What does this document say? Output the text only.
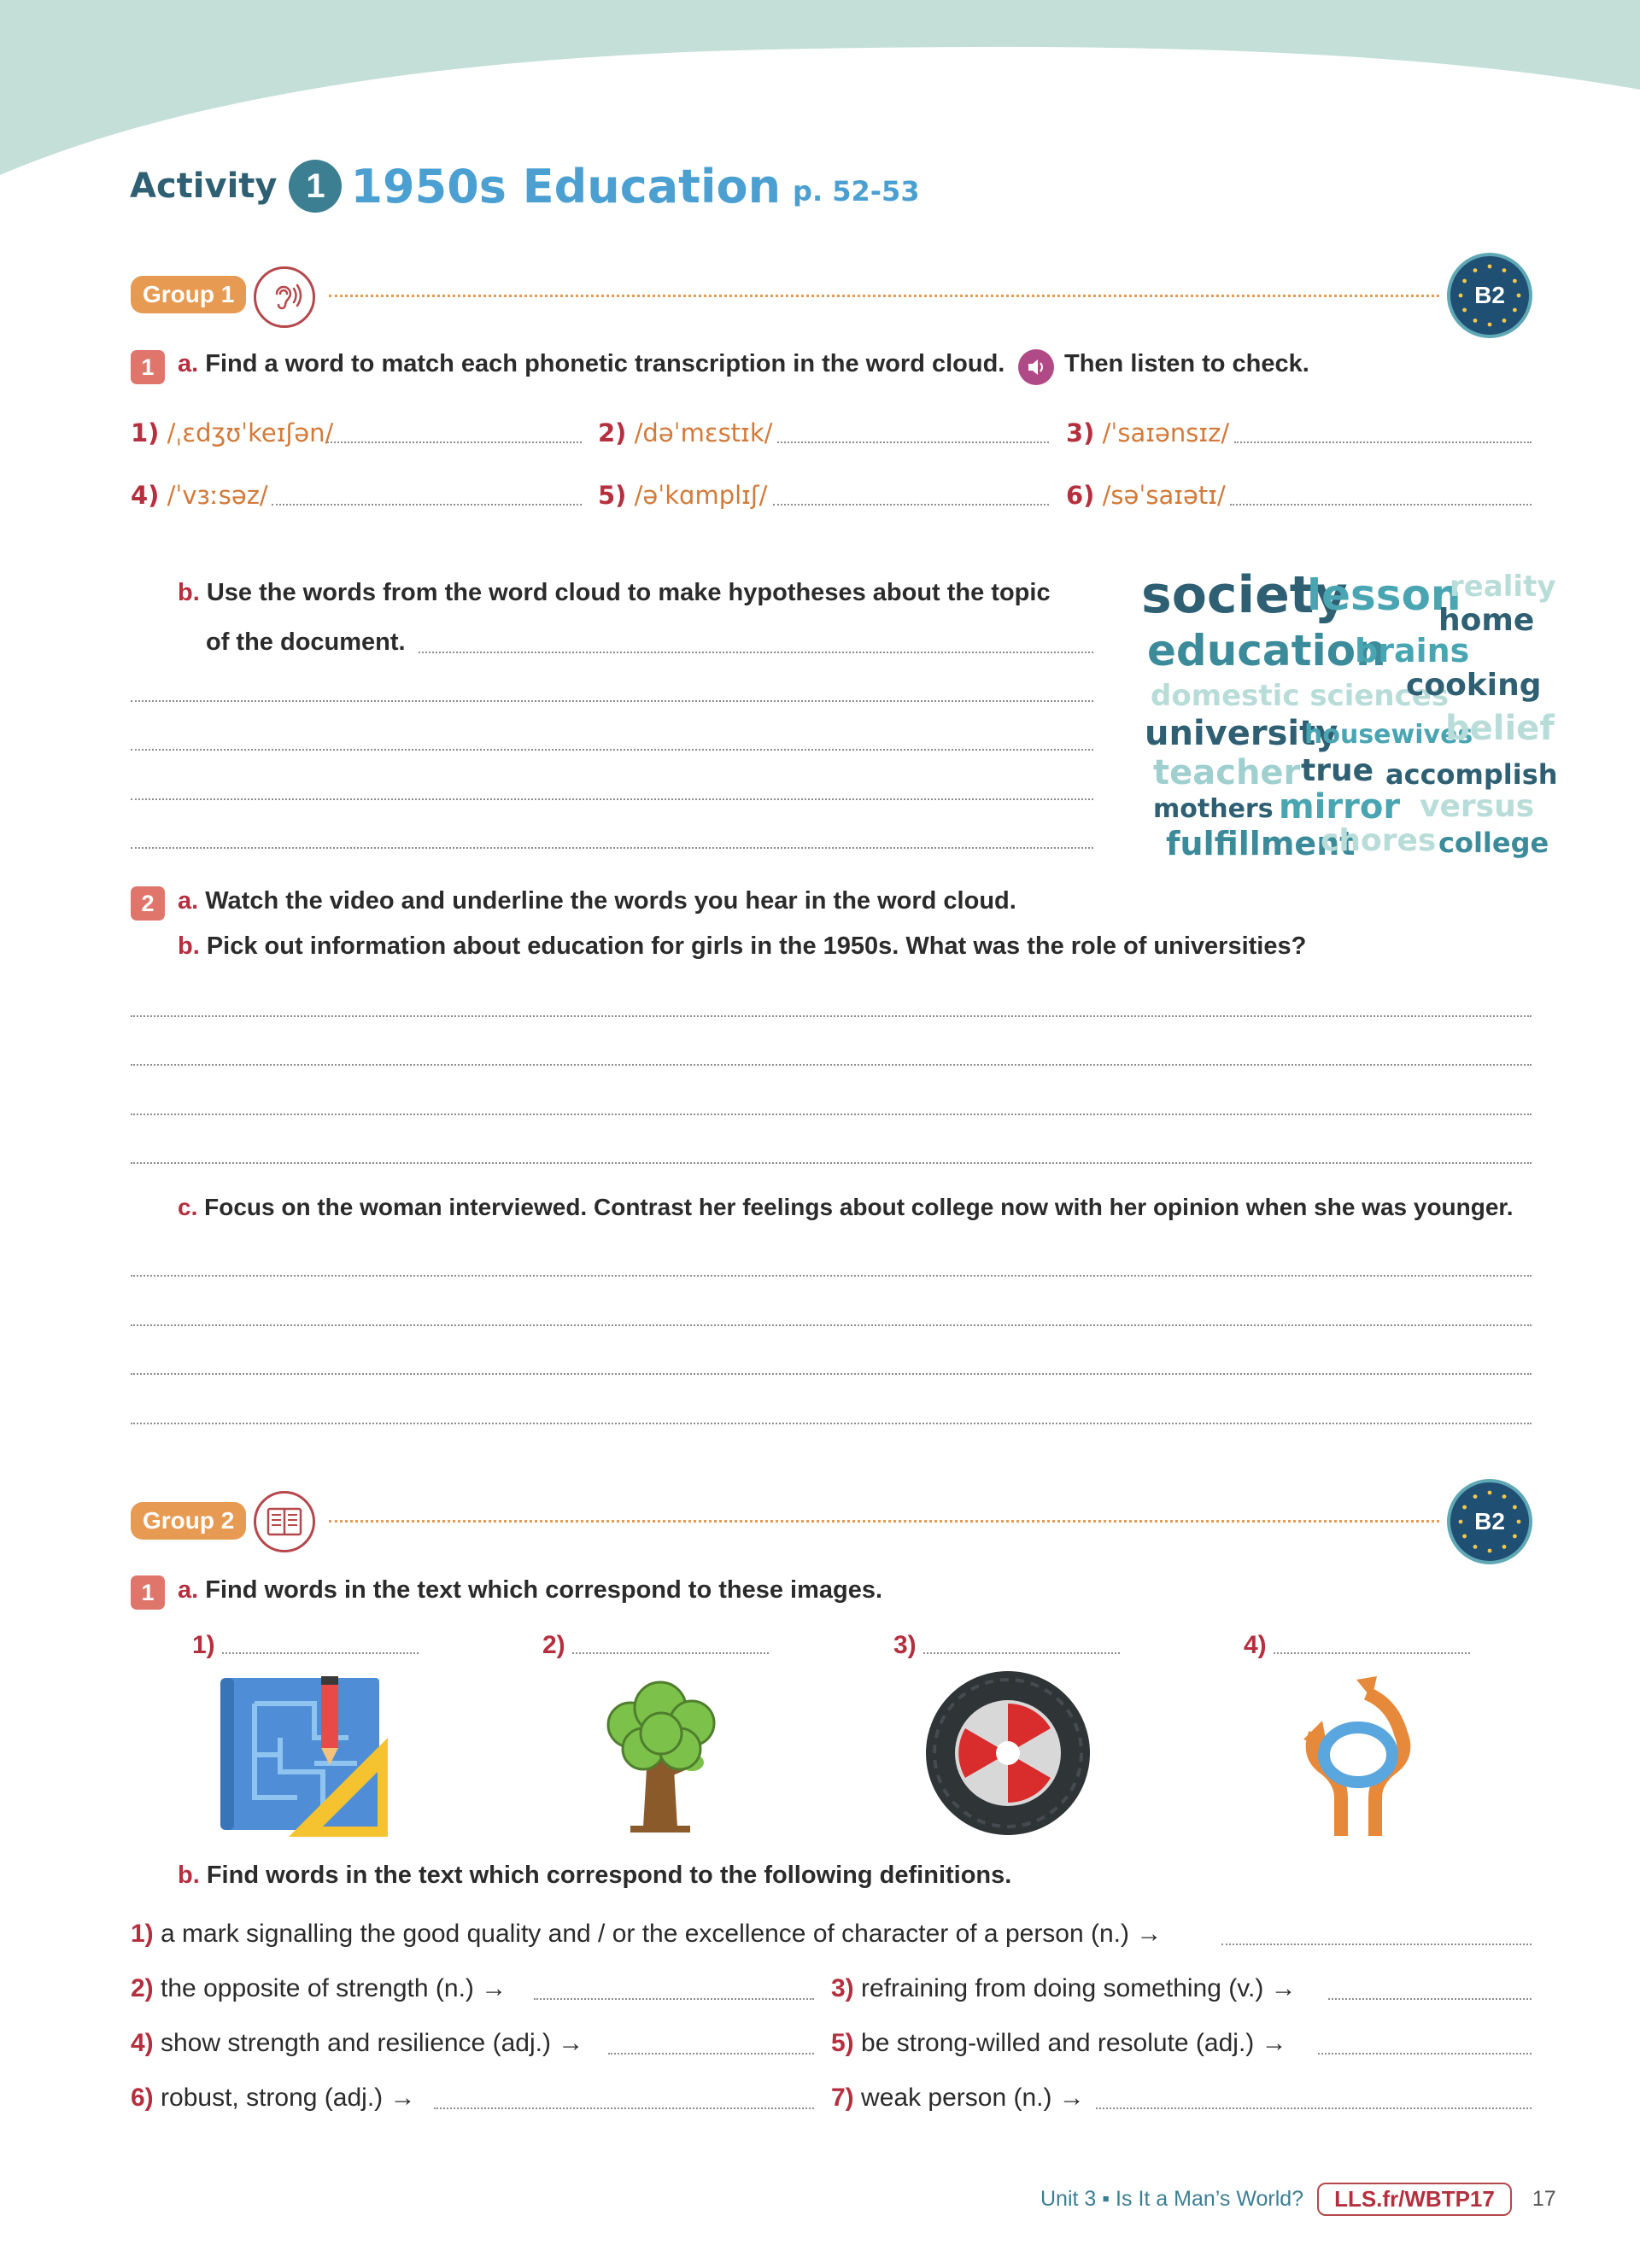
Activity 1 1950s Education p. 52-53
Group 1	B2
1 a. Find a word to match each phonetic transcription in the word cloud. Then listen to check.
1) /ˌɛdʒʊˈkeɪʃən/	2) /dəˈmɛstɪk/	3) /ˈsaɪənsɪz/
4) /ˈvɜːsəz/	5) /əˈkɑmplɪʃ/	6) /səˈsaɪətɪ/
b. Use the words from the word cloud to make hypotheses about the topic
of the document.
society
lesson
reality
home
education
brains
domestic sciences
cooking
university
housewives
belief
teacher true accomplish
mothers mirror versus
fulfillment
chores college
2 a. Watch the video and underline the words you hear in the word cloud.
b. Pick out information about education for girls in the 1950s. What was the role of universities?
c. Focus on the woman interviewed. Contrast her feelings about college now with her opinion when she was younger.
Group 2	B2
1 a. Find words in the text which correspond to these images.
1)	2)	3)	4)
b. Find words in the text which correspond to the following definitions.
1) a mark signalling the good quality and / or the excellence of character of a person (n.) →
2) the opposite of strength (n.) →	3) refraining from doing something (v.) →
4) show strength and resilience (adj.) →	5) be strong-willed and resolute (adj.) →
6) robust, strong (adj.) →	7) weak person (n.) →
Unit 3 ▪ Is It a Man’s World?	LLS.fr/WBTP17	17
